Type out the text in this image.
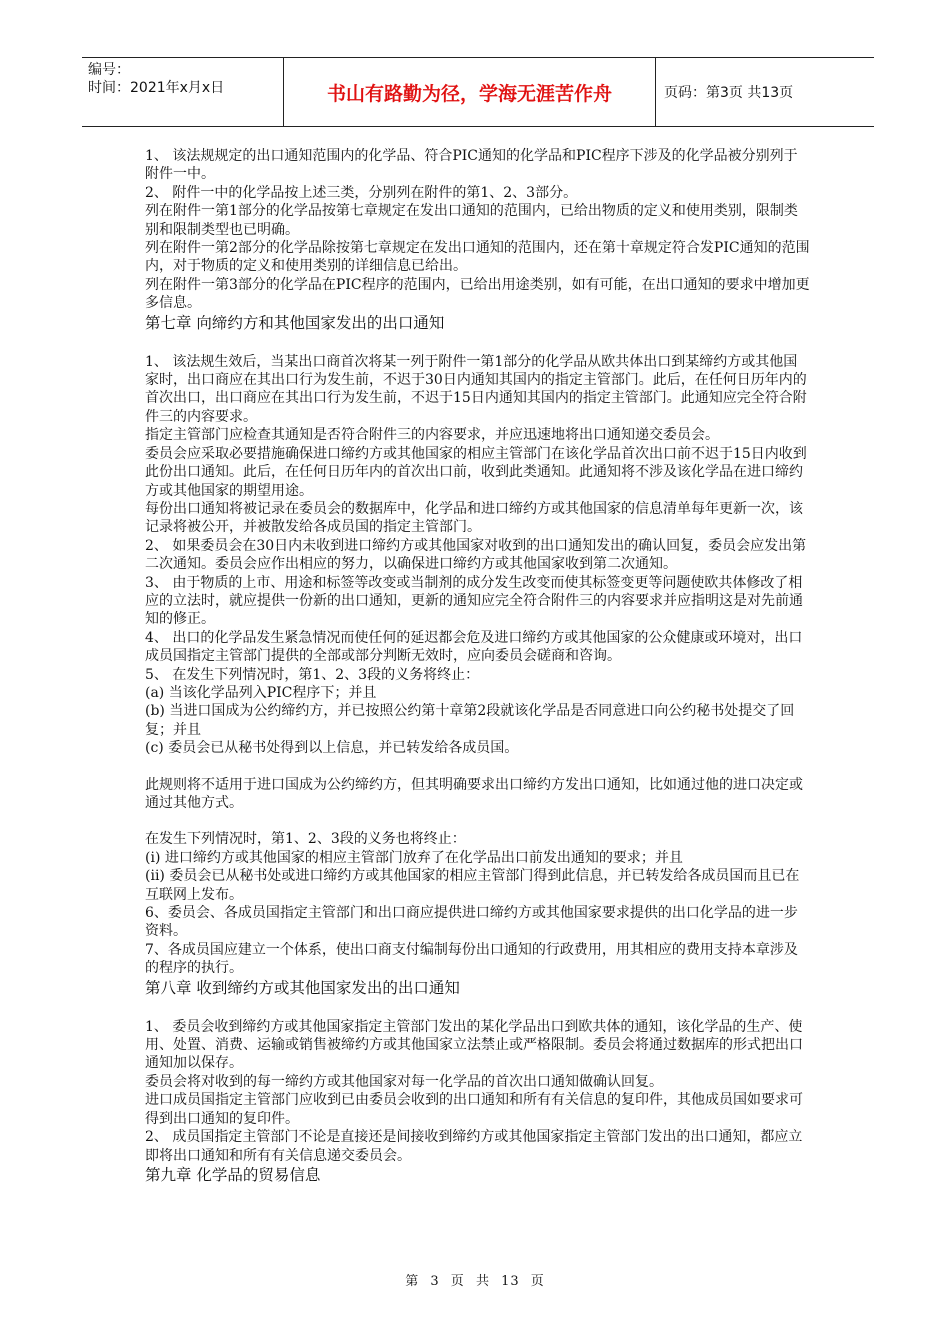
编号：
时间：2021年x月x日	书山有路勤为径，学海无涯苦作舟	页码：第3页 共13页

1、 该法规规定的出口通知范围内的化学品、符合PIC通知的化学品和PIC程序下涉及的化学品被分别列于附件一中。

2、 附件一中的化学品按上述三类，分别列在附件的第1、2、3部分。

列在附件一第1部分的化学品按第七章规定在发出口通知的范围内，已给出物质的定义和使用类别，限制类别和限制类型也已明确。

列在附件一第2部分的化学品除按第七章规定在发出口通知的范围内，还在第十章规定符合发PIC通知的范围内，对于物质的定义和使用类别的详细信息已给出。

列在附件一第3部分的化学品在PIC程序的范围内，已给出用途类别，如有可能，在出口通知的要求中增加更多信息。

第七章 向缔约方和其他国家发出的出口通知

1、 该法规生效后，当某出口商首次将某一列于附件一第1部分的化学品从欧共体出口到某缔约方或其他国家时，出口商应在其出口行为发生前，不迟于30日内通知其国内的指定主管部门。此后，在任何日历年内的首次出口，出口商应在其出口行为发生前，不迟于15日内通知其国内的指定主管部门。此通知应完全符合附件三的内容要求。

指定主管部门应检查其通知是否符合附件三的内容要求，并应迅速地将出口通知递交委员会。

委员会应采取必要措施确保进口缔约方或其他国家的相应主管部门在该化学品首次出口前不迟于15日内收到此份出口通知。此后，在任何日历年内的首次出口前，收到此类通知。此通知将不涉及该化学品在进口缔约方或其他国家的期望用途。

每份出口通知将被记录在委员会的数据库中，化学品和进口缔约方或其他国家的信息清单每年更新一次，该记录将被公开，并被散发给各成员国的指定主管部门。

2、 如果委员会在30日内未收到进口缔约方或其他国家对收到的出口通知发出的确认回复，委员会应发出第二次通知。委员会应作出相应的努力，以确保进口缔约方或其他国家收到第二次通知。

3、 由于物质的上市、用途和标签等改变或当制剂的成分发生改变而使其标签变更等问题使欧共体修改了相应的立法时，就应提供一份新的出口通知，更新的通知应完全符合附件三的内容要求并应指明这是对先前通知的修正。

4、 出口的化学品发生紧急情况而使任何的延迟都会危及进口缔约方或其他国家的公众健康或环境对，出口成员国指定主管部门提供的全部或部分判断无效时，应向委员会磋商和咨询。

5、 在发生下列情况时，第1、2、3段的义务将终止：

(a) 当该化学品列入PIC程序下；并且

(b) 当进口国成为公约缔约方，并已按照公约第十章第2段就该化学品是否同意进口向公约秘书处提交了回复；并且

(c) 委员会已从秘书处得到以上信息，并已转发给各成员国。

此规则将不适用于进口国成为公约缔约方，但其明确要求出口缔约方发出口通知，比如通过他的进口决定或通过其他方式。

在发生下列情况时，第1、2、3段的义务也将终止：

(i) 进口缔约方或其他国家的相应主管部门放弃了在化学品出口前发出通知的要求；并且

(ii) 委员会已从秘书处或进口缔约方或其他国家的相应主管部门得到此信息，并已转发给各成员国而且已在互联网上发布。

6、委员会、各成员国指定主管部门和出口商应提供进口缔约方或其他国家要求提供的出口化学品的进一步资料。

7、各成员国应建立一个体系，使出口商支付编制每份出口通知的行政费用，用其相应的费用支持本章涉及的程序的执行。

第八章 收到缔约方或其他国家发出的出口通知

1、 委员会收到缔约方或其他国家指定主管部门发出的某化学品出口到欧共体的通知，该化学品的生产、使用、处置、消费、运输或销售被缔约方或其他国家立法禁止或严格限制。委员会将通过数据库的形式把出口通知加以保存。

委员会将对收到的每一缔约方或其他国家对每一化学品的首次出口通知做确认回复。

进口成员国指定主管部门应收到已由委员会收到的出口通知和所有有关信息的复印件，其他成员国如要求可得到出口通知的复印件。

2、 成员国指定主管部门不论是直接还是间接收到缔约方或其他国家指定主管部门发出的出口通知，都应立即将出口通知和所有有关信息递交委员会。

第九章 化学品的贸易信息

第 3 页 共 13 页
